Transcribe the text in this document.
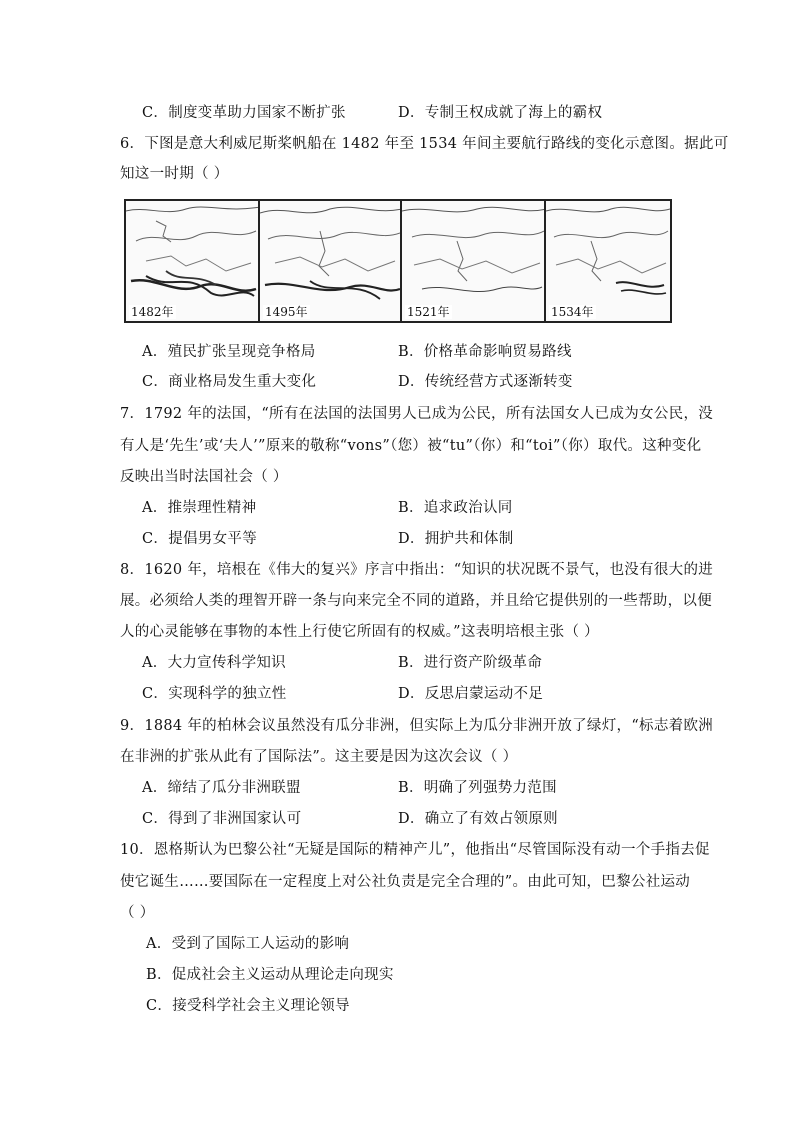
C．制度变革助力国家不断扩张	D．专制王权成就了海上的霸权
6．下图是意大利威尼斯桨帆船在 1482 年至 1534 年间主要航行路线的变化示意图。据此可
知这一时期（ ）
1482年	1495年	1521年	1534年
A．殖民扩张呈现竞争格局	B．价格革命影响贸易路线
C．商业格局发生重大变化	D．传统经营方式逐渐转变
7．1792 年的法国，“所有在法国的法国男人已成为公民，所有法国女人已成为女公民，没
有人是‘先生’或‘夫人’”原来的敬称“vons”（您）被“tu”（你）和“toi”（你）取代。这种变化
反映出当时法国社会（ ）
A．推崇理性精神	B．追求政治认同
C．提倡男女平等	D．拥护共和体制
8．1620 年，培根在《伟大的复兴》序言中指出：“知识的状况既不景气，也没有很大的进
展。必须给人类的理智开辟一条与向来完全不同的道路，并且给它提供别的一些帮助，以便
人的心灵能够在事物的本性上行使它所固有的权威。”这表明培根主张（ ）
A．大力宣传科学知识	B．进行资产阶级革命
C．实现科学的独立性	D．反思启蒙运动不足
9．1884 年的柏林会议虽然没有瓜分非洲，但实际上为瓜分非洲开放了绿灯，“标志着欧洲
在非洲的扩张从此有了国际法”。这主要是因为这次会议（ ）
A．缔结了瓜分非洲联盟	B．明确了列强势力范围
C．得到了非洲国家认可	D．确立了有效占领原则
10．恩格斯认为巴黎公社“无疑是国际的精神产儿”，他指出“尽管国际没有动一个手指去促
使它诞生……要国际在一定程度上对公社负责是完全合理的”。由此可知，巴黎公社运动
（ ）
A．受到了国际工人运动的影响
B．促成社会主义运动从理论走向现实
C．接受科学社会主义理论领导
